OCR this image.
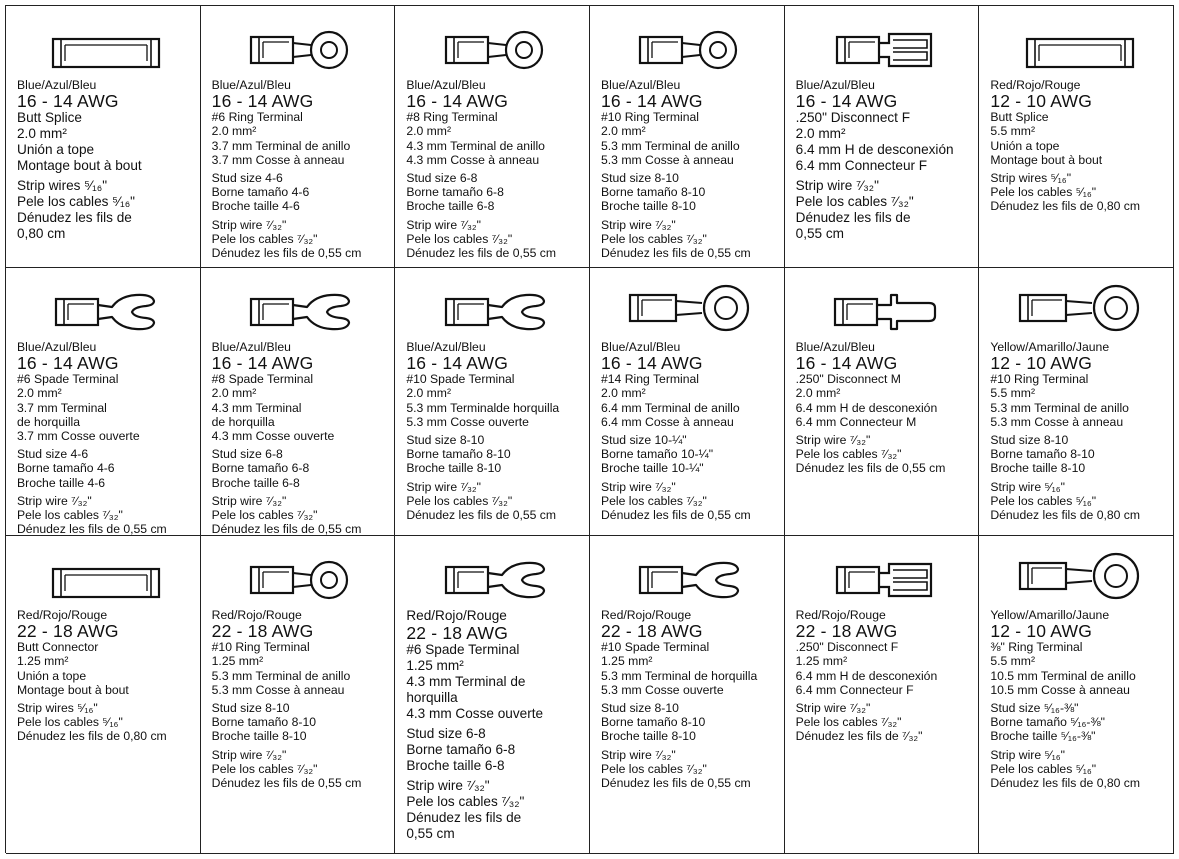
Blue/Azul/Bleu
16 - 14 AWG
Butt Splice
2.0 mm²
Unión a tope
Montage bout à bout
Strip wires ⁵⁄₁₆"
Pele los cables ⁵⁄₁₆"
Dénudez les fils de
0,80 cm
Blue/Azul/Bleu
16 - 14 AWG
#6 Ring Terminal
2.0 mm²
3.7 mm Terminal de anillo
3.7 mm Cosse à anneau
Stud size 4-6
Borne tamaño 4-6
Broche taille 4-6
Strip wire ⁷⁄₃₂"
Pele los cables ⁷⁄₃₂"
Dénudez les fils de 0,55 cm
Blue/Azul/Bleu
16 - 14 AWG
#8 Ring Terminal
2.0 mm²
4.3 mm Terminal de anillo
4.3 mm Cosse à anneau
Stud size 6-8
Borne tamaño 6-8
Broche taille 6-8
Strip wire ⁷⁄₃₂"
Pele los cables ⁷⁄₃₂"
Dénudez les fils de 0,55 cm
Blue/Azul/Bleu
16 - 14 AWG
#10 Ring Terminal
2.0 mm²
5.3 mm Terminal de anillo
5.3 mm Cosse à anneau
Stud size 8-10
Borne tamaño 8-10
Broche taille 8-10
Strip wire ⁷⁄₃₂"
Pele los cables ⁷⁄₃₂"
Dénudez les fils de 0,55 cm
Blue/Azul/Bleu
16 - 14 AWG
.250" Disconnect F
2.0 mm²
6.4 mm H de desconexión
6.4 mm Connecteur F
Strip wire ⁷⁄₃₂"
Pele los cables ⁷⁄₃₂"
Dénudez les fils de
0,55 cm
Red/Rojo/Rouge
12 - 10 AWG
Butt Splice
5.5 mm²
Unión a tope
Montage bout à bout
Strip wires ⁵⁄₁₆"
Pele los cables ⁵⁄₁₆"
Dénudez les fils de 0,80 cm
Blue/Azul/Bleu
16 - 14 AWG
#6 Spade Terminal
2.0 mm²
3.7 mm Terminal
de horquilla
3.7 mm Cosse ouverte
Stud size 4-6
Borne tamaño 4-6
Broche taille 4-6
Strip wire ⁷⁄₃₂"
Pele los cables ⁷⁄₃₂"
Dénudez les fils de 0,55 cm
Blue/Azul/Bleu
16 - 14 AWG
#8 Spade Terminal
2.0 mm²
4.3 mm Terminal
de horquilla
4.3 mm Cosse ouverte
Stud size 6-8
Borne tamaño 6-8
Broche taille 6-8
Strip wire ⁷⁄₃₂"
Pele los cables ⁷⁄₃₂"
Dénudez les fils de 0,55 cm
Blue/Azul/Bleu
16 - 14 AWG
#10 Spade Terminal
2.0 mm²
5.3 mm Terminalde horquilla
5.3 mm Cosse ouverte
Stud size 8-10
Borne tamaño 8-10
Broche taille 8-10
Strip wire ⁷⁄₃₂"
Pele los cables ⁷⁄₃₂"
Dénudez les fils de 0,55 cm
Blue/Azul/Bleu
16 - 14 AWG
#14 Ring Terminal
2.0 mm²
6.4 mm Terminal de anillo
6.4 mm Cosse à anneau
Stud size 10-¼"
Borne tamaño 10-¼"
Broche taille 10-¼"
Strip wire ⁷⁄₃₂"
Pele los cables ⁷⁄₃₂"
Dénudez les fils de 0,55 cm
Blue/Azul/Bleu
16 - 14 AWG
.250" Disconnect M
2.0 mm²
6.4 mm H de desconexión
6.4 mm Connecteur M
Strip wire ⁷⁄₃₂"
Pele los cables ⁷⁄₃₂"
Dénudez les fils de 0,55 cm
Yellow/Amarillo/Jaune
12 - 10 AWG
#10 Ring Terminal
5.5 mm²
5.3 mm Terminal de anillo
5.3 mm Cosse à anneau
Stud size 8-10
Borne tamaño 8-10
Broche taille 8-10
Strip wire ⁵⁄₁₆"
Pele los cables ⁵⁄₁₆"
Dénudez les fils de 0,80 cm
Red/Rojo/Rouge
22 - 18 AWG
Butt Connector
1.25 mm²
Unión a tope
Montage bout à bout
Strip wires ⁵⁄₁₆"
Pele los cables ⁵⁄₁₆"
Dénudez les fils de 0,80 cm
Red/Rojo/Rouge
22 - 18 AWG
#10 Ring Terminal
1.25 mm²
5.3 mm Terminal de anillo
5.3 mm Cosse à anneau
Stud size 8-10
Borne tamaño 8-10
Broche taille 8-10
Strip wire ⁷⁄₃₂"
Pele los cables ⁷⁄₃₂"
Dénudez les fils de 0,55 cm
Red/Rojo/Rouge
22 - 18 AWG
#6 Spade Terminal
1.25 mm²
4.3 mm Terminal de
horquilla
4.3 mm Cosse ouverte
Stud size 6-8
Borne tamaño 6-8
Broche taille 6-8
Strip wire ⁷⁄₃₂"
Pele los cables ⁷⁄₃₂"
Dénudez les fils de
0,55 cm
Red/Rojo/Rouge
22 - 18 AWG
#10 Spade Terminal
1.25 mm²
5.3 mm Terminal de horquilla
5.3 mm Cosse ouverte
Stud size 8-10
Borne tamaño 8-10
Broche taille 8-10
Strip wire ⁷⁄₃₂"
Pele los cables ⁷⁄₃₂"
Dénudez les fils de 0,55 cm
Red/Rojo/Rouge
22 - 18 AWG
.250" Disconnect F
1.25 mm²
6.4 mm H de desconexión
6.4 mm Connecteur F
Strip wire ⁷⁄₃₂"
Pele los cables ⁷⁄₃₂"
Dénudez les fils de ⁷⁄₃₂"
Yellow/Amarillo/Jaune
12 - 10 AWG
⅜" Ring Terminal
5.5 mm²
10.5 mm Terminal de anillo
10.5 mm Cosse à anneau
Stud size ⁵⁄₁₆-⅜"
Borne tamaño ⁵⁄₁₆-⅜"
Broche taille ⁵⁄₁₆-⅜"
Strip wire ⁵⁄₁₆"
Pele los cables ⁵⁄₁₆"
Dénudez les fils de 0,80 cm
